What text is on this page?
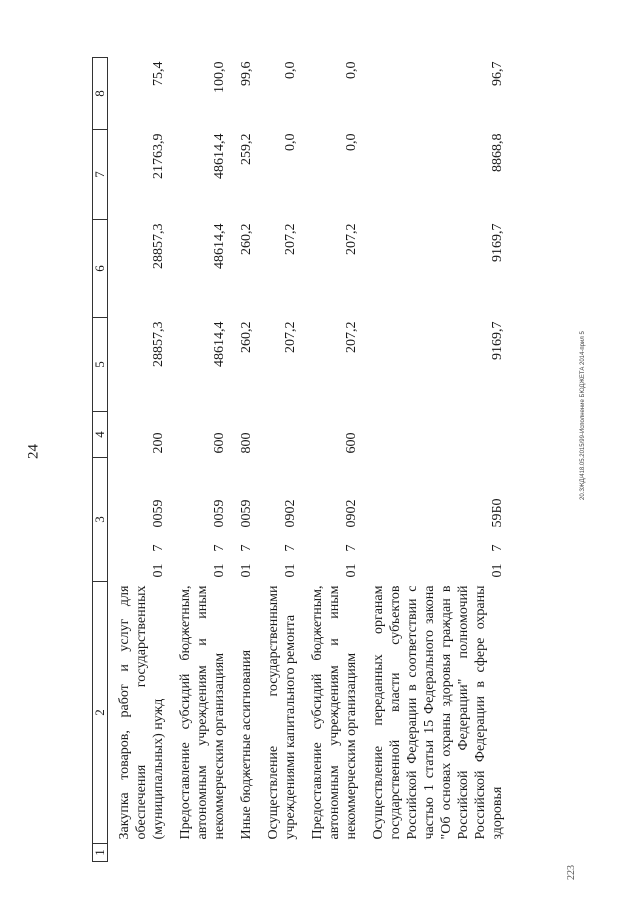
24
1	2	3	4	5	6	7	8
	Закупка товаров, работ и услуг для обеспечения государственных (муниципальных) нужд	0170059	200	28857,3	28857,3	21763,9	75,4
	Предоставление субсидий бюджетным, автономным учреждениям и иным некоммерческим организациям	0170059	600	48614,4	48614,4	48614,4	100,0
	Иные бюджетные ассигнования	0170059	800	260,2	260,2	259,2	99,6
	Осуществление государственными учреждениями капитального ремонта	0170902		207,2	207,2	0,0	0,0
	Предоставление субсидий бюджетным, автономным учреждениям и иным некоммерческим организациям	0170902	600	207,2	207,2	0,0	0,0
	Осуществление переданных органам государственной власти субъектов Российской Федерации в соответствии с частью 1 статьи 15 Федерального закона "Об основах охраны здоровья граждан в Российской Федерации" полномочий Российской Федерации в сфере охраны здоровья	01759Б0		9169,7	9169,7	8868,8	96,7
20.ЗЖД/418.05.2015/99-Исполнение БЮДЖЕТА 2014-прил 5
223
